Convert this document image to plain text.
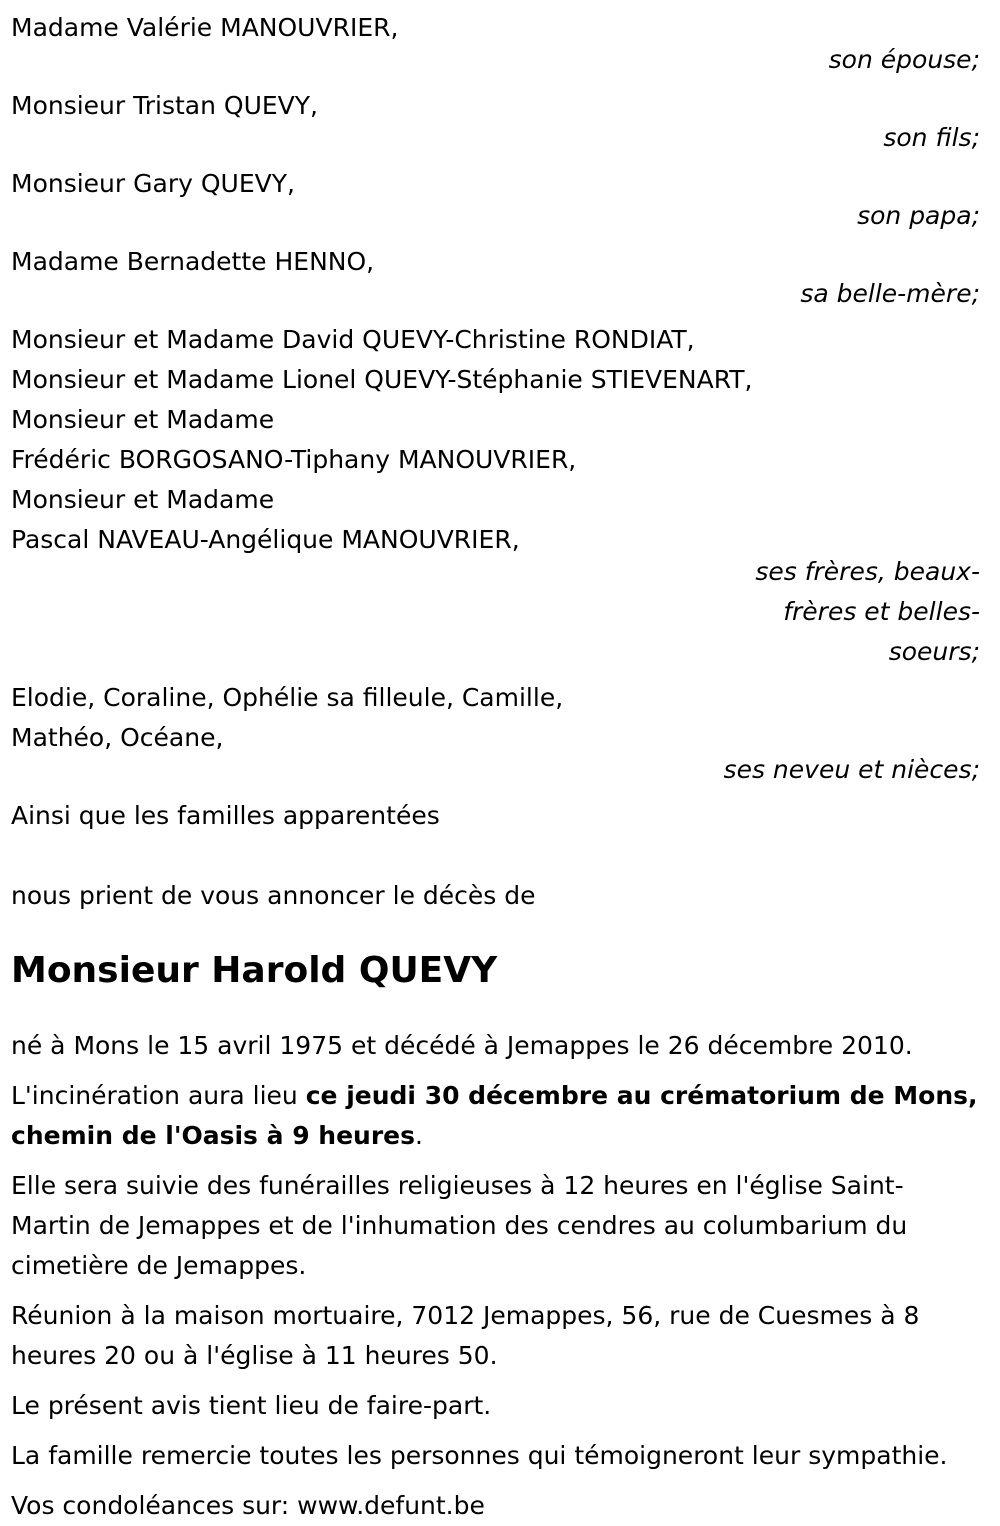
Madame Valérie MANOUVRIER,
son épouse;
Monsieur Tristan QUEVY,
son fils;
Monsieur Gary QUEVY,
son papa;
Madame Bernadette HENNO,
sa belle-mère;
Monsieur et Madame David QUEVY-Christine RONDIAT,
Monsieur et Madame Lionel QUEVY-Stéphanie STIEVENART,
Monsieur et Madame
Frédéric BORGOSANO-Tiphany MANOUVRIER,
Monsieur et Madame
Pascal NAVEAU-Angélique MANOUVRIER,
ses frères, beaux-
frères et belles-
soeurs;
Elodie, Coraline, Ophélie sa filleule, Camille,
Mathéo, Océane,
ses neveu et nièces;
Ainsi que les familles apparentées
nous prient de vous annoncer le décès de
Monsieur Harold QUEVY
né à Mons le 15 avril 1975 et décédé à Jemappes le 26 décembre 2010.
L'incinération aura lieu ce jeudi 30 décembre au crématorium de Mons, chemin de l'Oasis à 9 heures.
Elle sera suivie des funérailles religieuses à 12 heures en l'église Saint-Martin de Jemappes et de l'inhumation des cendres au columbarium du cimetière de Jemappes.
Réunion à la maison mortuaire, 7012 Jemappes, 56, rue de Cuesmes à 8 heures 20 ou à l'église à 11 heures 50.
Le présent avis tient lieu de faire-part.
La famille remercie toutes les personnes qui témoigneront leur sympathie.
Vos condoléances sur: www.defunt.be
